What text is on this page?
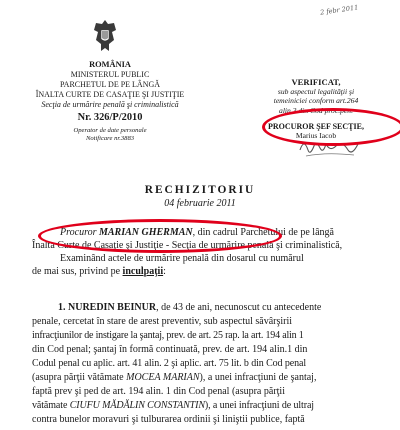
2 febr 2011
ROMÂNIA
MINISTERUL PUBLIC
PARCHETUL DE PE LÂNGĂ
ÎNALTA CURTE DE CASAŢIE ŞI JUSTIŢIE
Secţia de urmărire penală şi criminalistică
Nr. 326/P/2010
Operator de date personale
Notificare nr.3883
VERIFICAT,
sub aspectul legalităţii şi
temeiniciei conform art.264
alin.3 din Cod proc.pen.
PROCUROR ŞEF SECŢIE,
Marius Iacob
RECHIZITORIU
04 februarie 2011
Procuror MARIAN GHERMAN, din cadrul Parchetului de pe lângă
Înalta Curte de Casaţie şi Justiţie - Secţia de urmărire penală şi criminalistică,
Examinând actele de urmărire penală din dosarul cu numărul
de mai sus, privind pe inculpaţii:
1. NUREDIN BEINUR, de 43 de ani, necunoscut cu antecedente
penale, cercetat în stare de arest preventiv, sub aspectul săvârşirii
infracţiunilor de instigare la şantaj, prev. de art. 25 rap. la art. 194 alin 1
din Cod penal; şantaj în formă continuată, prev. de art. 194 alin.1 din
Codul penal cu aplic. art. 41 alin. 2 şi aplic. art. 75 lit. b din Cod penal
(asupra părţii vătămate MOCEA MARIAN), a unei infracţiuni de şantaj,
faptă prev şi ped de art. 194 alin. 1 din Cod penal (asupra părţii
vătămate CIUFU MĂDĂLIN CONSTANTIN), a unei infracţiuni de ultraj
contra bunelor moravuri şi tulburarea ordinii şi liniştii publice, faptă
